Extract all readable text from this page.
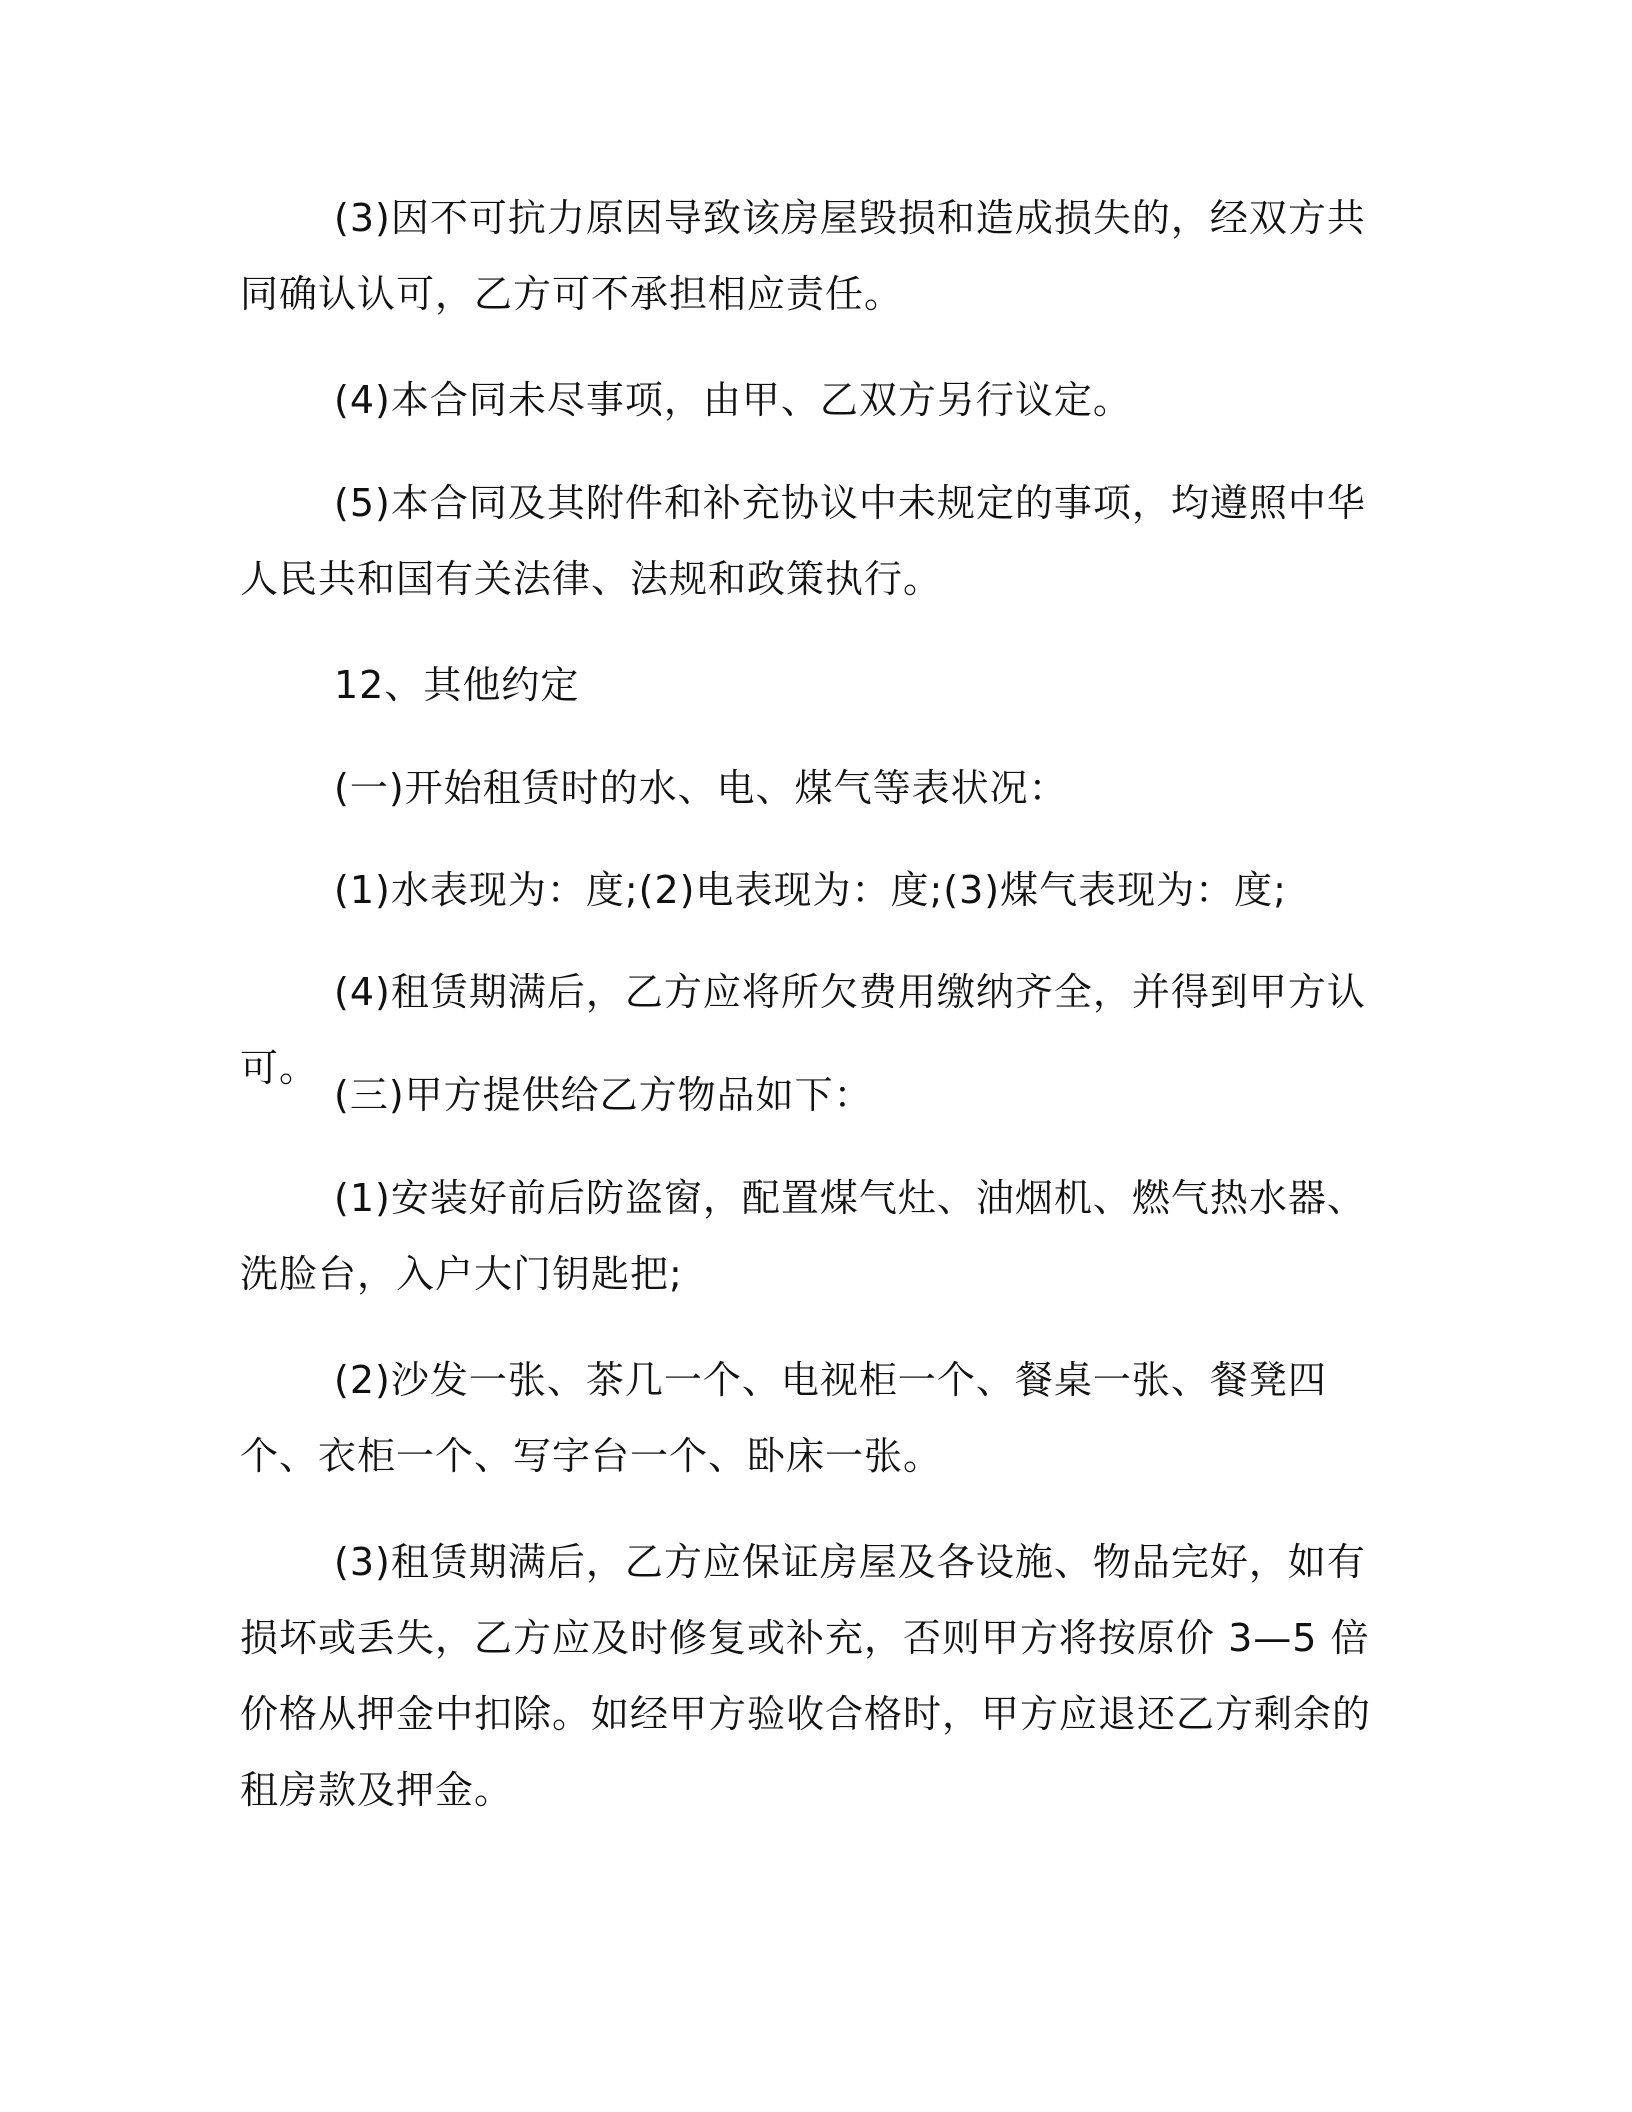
(3)因不可抗力原因导致该房屋毁损和造成损失的，经双方共同确认认可，乙方可不承担相应责任。

(4)本合同未尽事项，由甲、乙双方另行议定。

(5)本合同及其附件和补充协议中未规定的事项，均遵照中华人民共和国有关法律、法规和政策执行。

12、其他约定

(一)开始租赁时的水、电、煤气等表状况：

(1)水表现为：度;(2)电表现为：度;(3)煤气表现为：度;

(4)租赁期满后，乙方应将所欠费用缴纳齐全，并得到甲方认可。

(三)甲方提供给乙方物品如下：

(1)安装好前后防盗窗，配置煤气灶、油烟机、燃气热水器、洗脸台，入户大门钥匙把;

(2)沙发一张、茶几一个、电视柜一个、餐桌一张、餐凳四个、衣柜一个、写字台一个、卧床一张。

(3)租赁期满后，乙方应保证房屋及各设施、物品完好，如有损坏或丢失，乙方应及时修复或补充，否则甲方将按原价 3—5 倍价格从押金中扣除。如经甲方验收合格时，甲方应退还乙方剩余的租房款及押金。
